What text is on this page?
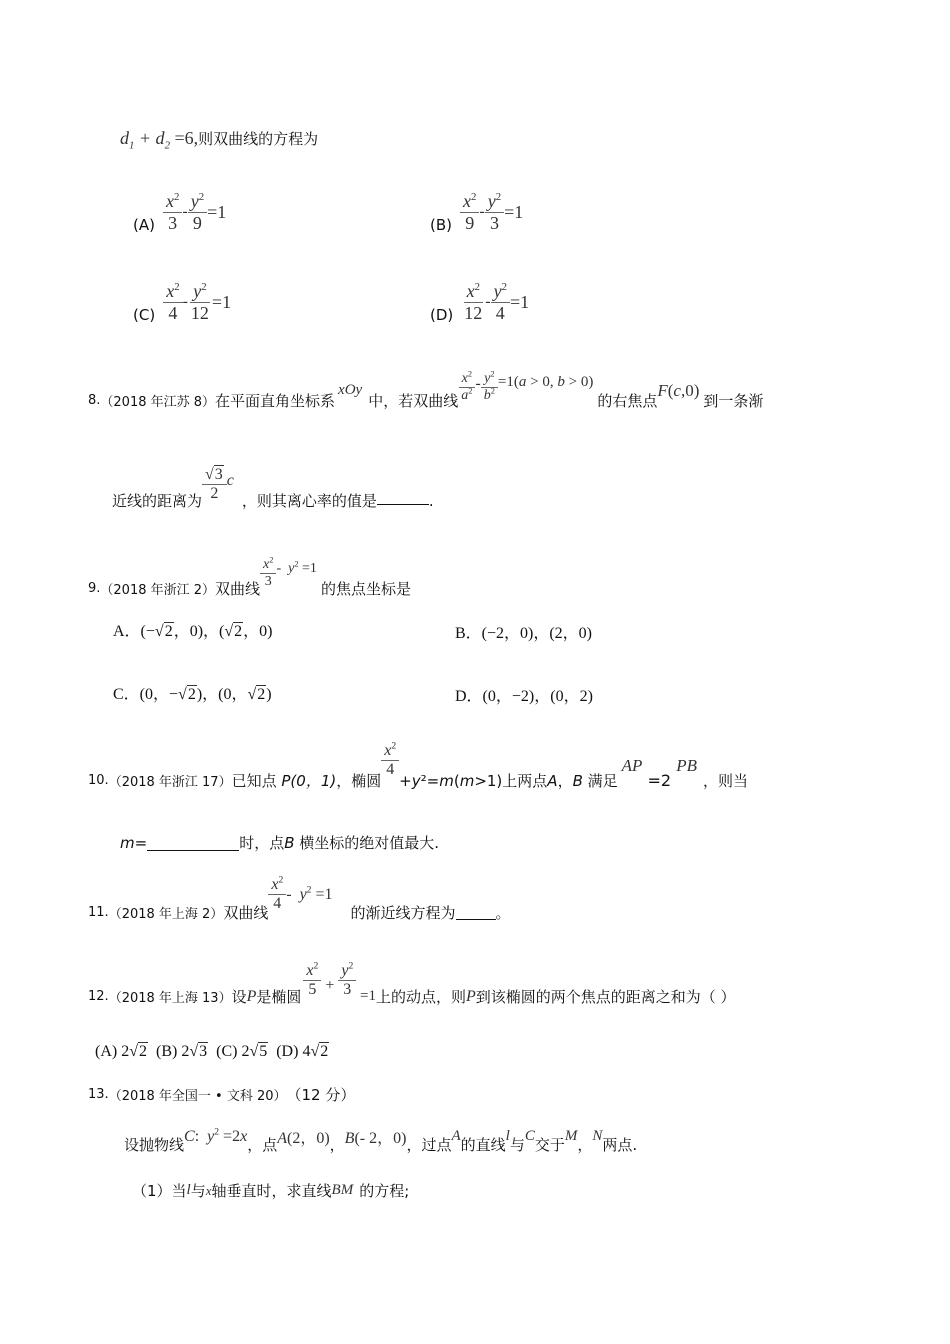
$d_1 + d_2 =6$, 则双曲线的方程为
$(A) \frac{x^2}{3} - \frac{y^2}{9} =1$
$(B) \frac{x^2}{9} - \frac{y^2}{3} =1$
$(C) \frac{x^2}{4} - \frac{y^2}{12} =1$
$(D) \frac{x^2}{12} - \frac{y^2}{4} =1$
8. （2018 年江苏 8） 在平面直角坐标系
xOy
中，若双曲线 $\frac{x^2}{a^2} - \frac{y^2}{b^2} =1(a > 0$, b > 0)
的右焦点
F(c,0)
到一条渐
近线的距离为 $\frac{√3}{2}$ c
，则其离心率的值是	.
9. （2018 年浙江 2） 双曲线 $\frac{x^2}{3} - y^2 =1$
的焦点坐标是
A．(−√2，0)，(√2，0)	B．(−2，0)，(2，0)
C．(0，−√2)，(0，√2)	D．(0，−2)，(0，2)
10. （2018 年浙江 17） 已知点 P(0，1) ，椭圆
$\frac{x^2}{4}$
+y²=m(m>1) 上两点 A ， B 满足
AP
=2
PB
，则当
m =	时，点 B 横坐标的绝对值最大.
11. （2018 年上海 2） 双曲线 $\frac{x^2}{4} - y^2 =1$
的渐近线方程为	。
12. （2018 年上海 13） 设 P 是椭圆 $\frac{x^2}{5} + \frac{y^2}{3} =1$ 上的动点，则 P 到该椭圆的两个焦点的距离之和为（ ）
(A) 2√2 (B) 2√3 (C) 2√5 (D) 4√2
13. （2018 年全国一 • 文科 20） （12 分）
设抛物线 C:  $y^2 =2x$ ，点 A(2，0) ， B(- 2，0) ，过点 A 的直线 l 与 C 交于 M ， N 两点.
（1）当 l 与 x 轴垂直时，求直线 BM 的方程;
